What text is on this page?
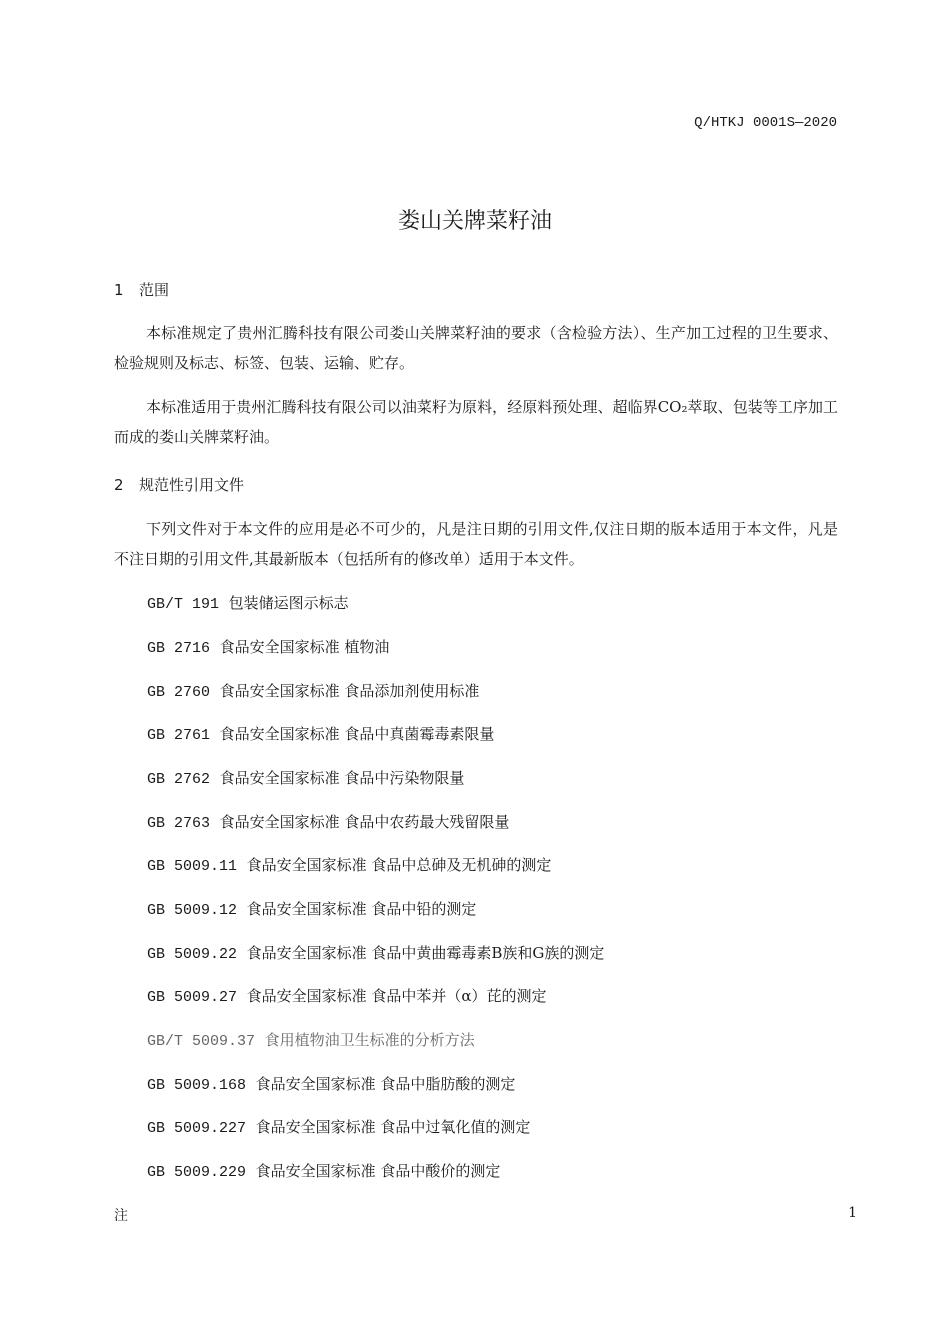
Q/HTKJ 0001S—2020
娄山关牌菜籽油
1 范围
本标准规定了贵州汇腾科技有限公司娄山关牌菜籽油的要求（含检验方法）、生产加工过程的卫生要求、检验规则及标志、标签、包装、运输、贮存。
本标准适用于贵州汇腾科技有限公司以油菜籽为原料，经原料预处理、超临界CO₂萃取、包装等工序加工而成的娄山关牌菜籽油。
2 规范性引用文件
下列文件对于本文件的应用是必不可少的，凡是注日期的引用文件,仅注日期的版本适用于本文件，凡是不注日期的引用文件,其最新版本（包括所有的修改单）适用于本文件。
GB/T 191 包装储运图示标志
GB 2716 食品安全国家标准 植物油
GB 2760 食品安全国家标准 食品添加剂使用标准
GB 2761 食品安全国家标准 食品中真菌霉毒素限量
GB 2762 食品安全国家标准 食品中污染物限量
GB 2763 食品安全国家标准 食品中农药最大残留限量
GB 5009.11 食品安全国家标准 食品中总砷及无机砷的测定
GB 5009.12 食品安全国家标准 食品中铅的测定
GB 5009.22 食品安全国家标准 食品中黄曲霉毒素B族和G族的测定
GB 5009.27 食品安全国家标准 食品中苯并（α）芘的测定
GB/T 5009.37 食用植物油卫生标准的分析方法
GB 5009.168 食品安全国家标准 食品中脂肪酸的测定
GB 5009.227 食品安全国家标准 食品中过氧化值的测定
GB 5009.229 食品安全国家标准 食品中酸价的测定
注	1
